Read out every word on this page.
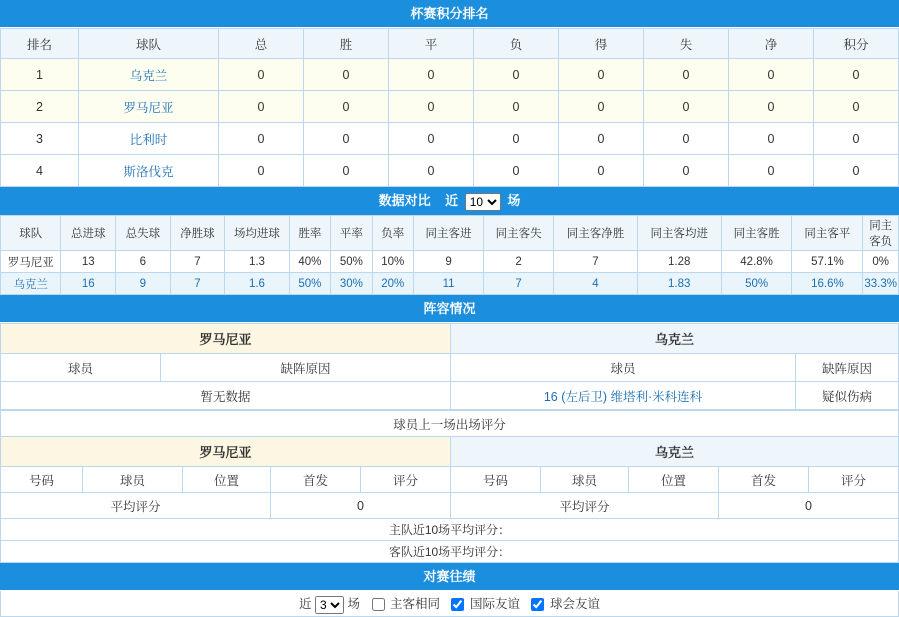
杯赛积分排名
排名	球队	总	胜	平	负	得	失	净	积分
1	乌克兰	0	0	0	0	0	0	0	0
2	罗马尼亚	0	0	0	0	0	0	0	0
3	比利时	0	0	0	0	0	0	0	0
4	斯洛伐克	0	0	0	0	0	0	0	0
数据对比 近
10	场
球队	总进球	总失球	净胜球	场均进球	胜率	平率	负率	同主客进	同主客失	同主客净胜	同主客均进	同主客胜	同主客平	同主客负
罗马尼亚	13	6	7	1.3	40%	50%	10%	9	2	7	1.28	42.8%	57.1%	0%
乌克兰	16	9	7	1.6	50%	30%	20%	11	7	4	1.83	50%	16.6%	33.3%
阵容情况
罗马尼亚		乌克兰	
球员	缺阵原因	球员	缺阵原因
暂无数据		16 (左后卫) 维塔利·米科连科	疑似伤病
球员上一场出场评分									
罗马尼亚					乌克兰				
号码	球员	位置	首发	评分	号码	球员	位置	首发	评分
平均评分			0		平均评分			0	
主队近10场平均评分：									
客队近10场平均评分：									
对赛往绩
近
3	场 主客相同 国际友谊 球会友谊
